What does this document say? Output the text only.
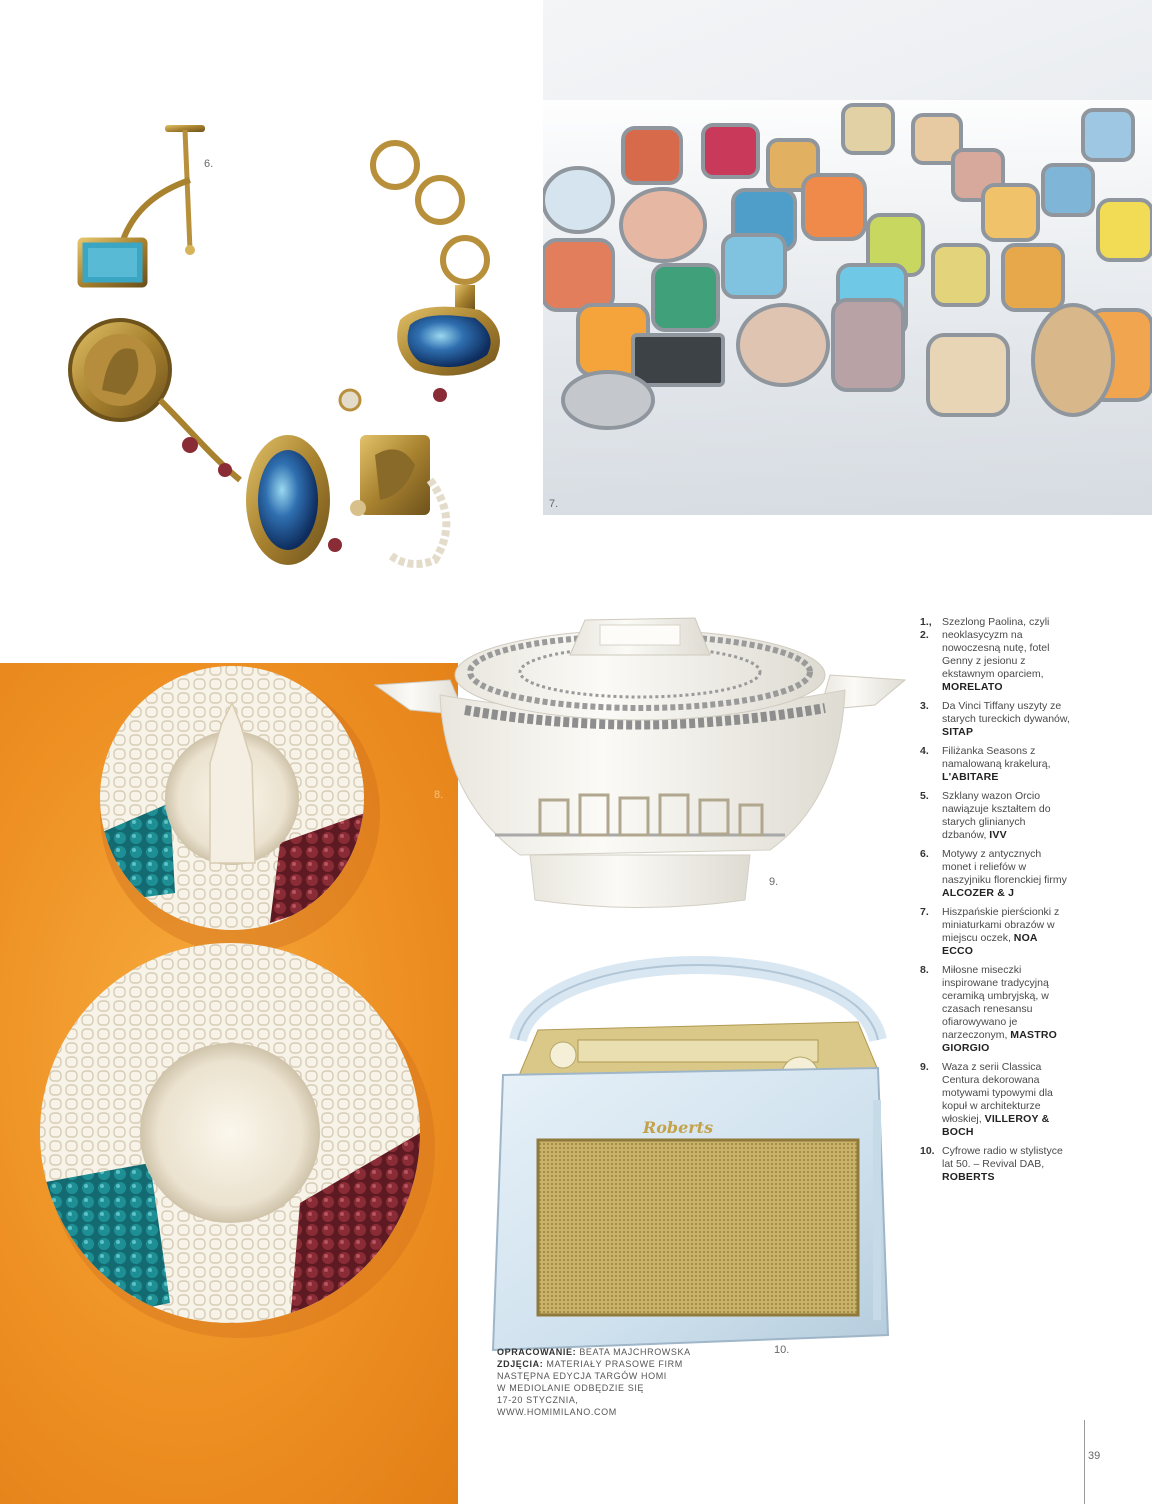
6.
7.
8.
9.
Roberts
10.
1., 2.
Szezlong Paolina, czyli neoklasycyzm na nowoczesną nutę, fotel Genny z jesionu z ekstawnym oparciem, MORELATO
3.	Da Vinci Tiffany uszyty ze starych tureckich dywanów, SITAP
4.	Filiżanka Seasons z namalowaną krakelurą, L'ABITARE
5.	Szklany wazon Orcio nawiązuje kształtem do starych glinianych dzbanów, IVV
6.	Motywy z antycznych monet i reliefów w naszyjniku florenckiej firmy ALCOZER & J
7.	Hiszpańskie pierścionki z miniaturkami obrazów w miejscu oczek, NOA ECCO
8.	Miłosne miseczki inspirowane tradycyjną ceramiką umbryjską, w czasach renesansu ofiarowywano je narzeczonym, MASTRO GIORGIO
9.	Waza z serii Classica Centura dekorowana motywami typowymi dla kopuł w architekturze włoskiej, VILLEROY & BOCH
10. Cyfrowe radio w stylistyce lat 50. – Revival DAB, ROBERTS
OPRACOWANIE: BEATA MAJCHROWSKA
ZDJĘCIA: MATERIAŁY PRASOWE FIRM
NASTĘPNA EDYCJA TARGÓW HOMI
W MEDIOLANIE ODBĘDZIE SIĘ
17-20 STYCZNIA,
WWW.HOMIMILANO.COM
39
